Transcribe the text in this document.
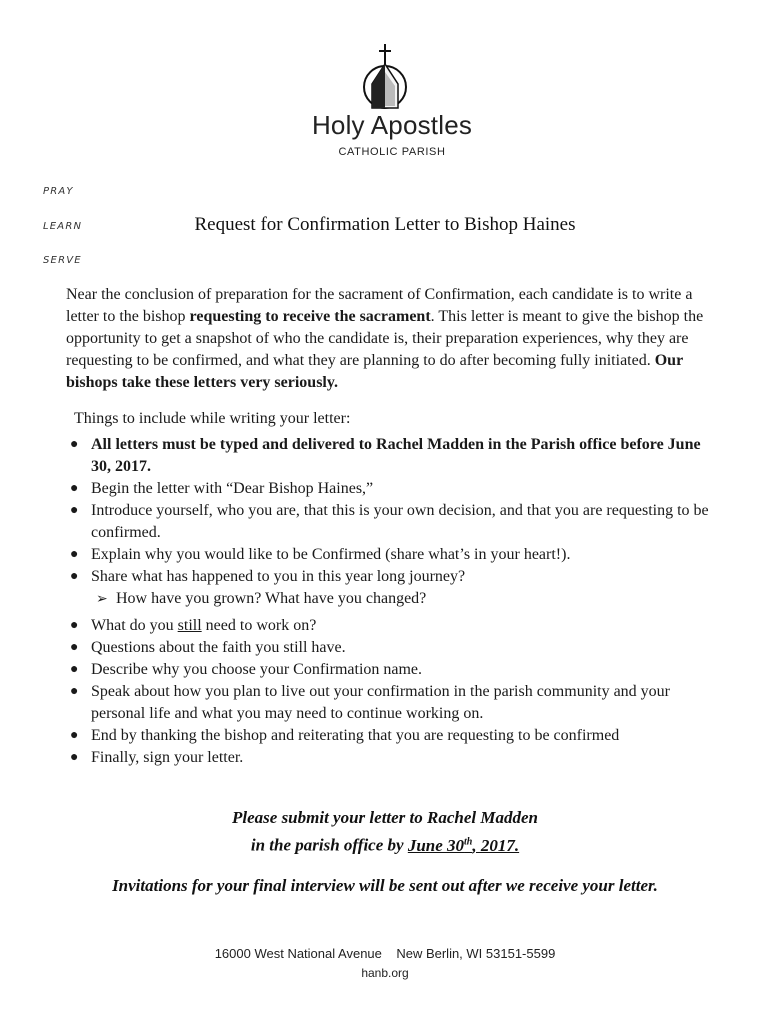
Holy Apostles
CATHOLIC PARISH
PRAY
LEARN
SERVE
Request for Confirmation Letter to Bishop Haines

Near the conclusion of preparation for the sacrament of Confirmation, each candidate is to write a letter to the bishop requesting to receive the sacrament. This letter is meant to give the bishop the opportunity to get a snapshot of who the candidate is, their preparation experiences, why they are requesting to be confirmed, and what they are planning to do after becoming fully initiated. Our bishops take these letters very seriously.

Things to include while writing your letter:

● All letters must be typed and delivered to Rachel Madden in the Parish office before June 30, 2017.
● Begin the letter with “Dear Bishop Haines,”
● Introduce yourself, who you are, that this is your own decision, and that you are requesting to be confirmed.
● Explain why you would like to be Confirmed (share what’s in your heart!).
● Share what has happened to you in this year long journey?
➢ How have you grown? What have you changed?
● What do you still need to work on?
● Questions about the faith you still have.
● Describe why you choose your Confirmation name.
● Speak about how you plan to live out your confirmation in the parish community and your personal life and what you may need to continue working on.
● End by thanking the bishop and reiterating that you are requesting to be confirmed
● Finally, sign your letter.
Please submit your letter to Rachel Madden
in the parish office by June 30th, 2017.
Invitations for your final interview will be sent out after we receive your letter.
16000 West National Avenue    New Berlin, WI 53151-5599
hanb.org
